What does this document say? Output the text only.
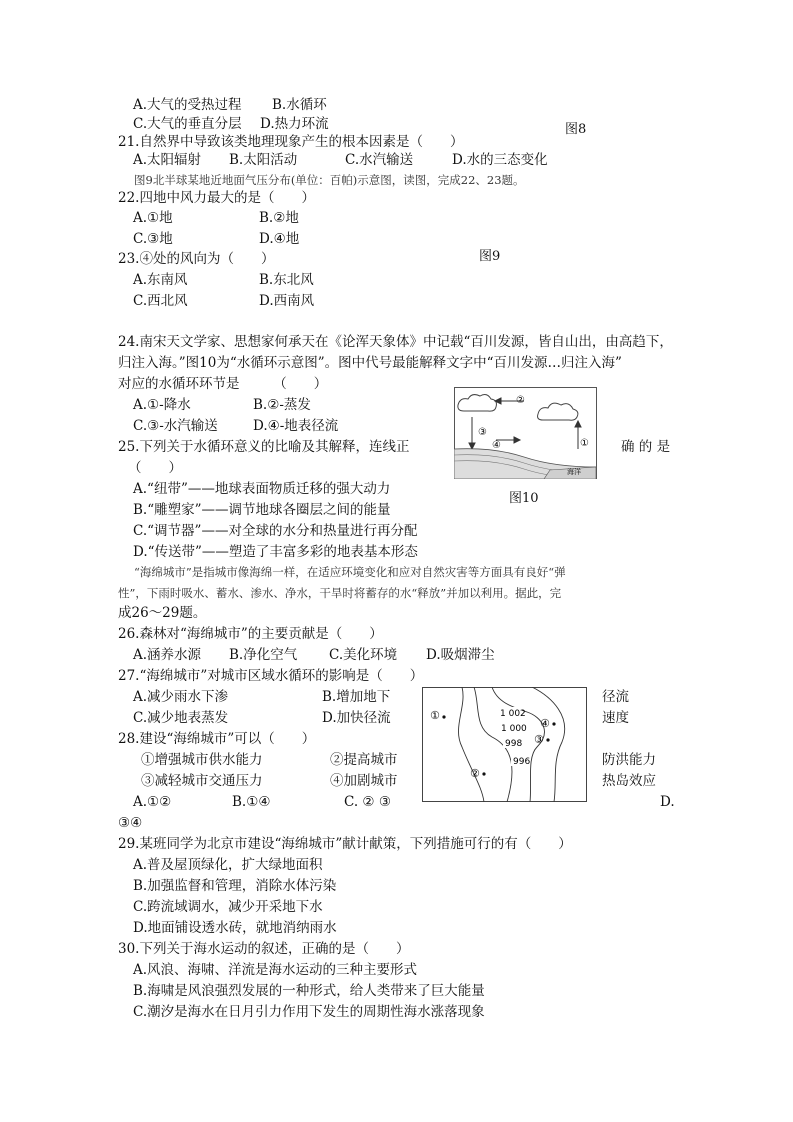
A.大气的受热过程 B.水循环
C.大气的垂直分层 D.热力环流	图8
21.自然界中导致该类地理现象产生的根本因素是（　　）
A.太阳辐射 B.太阳活动	C.水汽输送	D.水的三态变化
图9北半球某地近地面气压分布(单位：百帕)示意图，读图，完成22、23题。
22.四地中风力最大的是（　　）
A.①地	B.②地
C.③地	D.④地
图9
23.④处的风向为（　　）
A.东南风	B.东北风
C.西北风	D.西南风
24.南宋天文学家、思想家何承天在《论浑天象体》中记载“百川发源，皆自山出，由高趋下，
归注入海。”图10为“水循环示意图”。图中代号最能解释文字中“百川发源…归注入海”
对应的水循环环节是　　　（　　）
A.①-降水	B.②-蒸发
C.③-水汽输送	D.④-地表径流
②
③
④	①
海洋
25.下列关于水循环意义的比喻及其解释，连线正	确 的 是
（　　）
图10
A.“纽带”——地球表面物质迁移的强大动力
B.“雕塑家”——调节地球各圈层之间的能量
C.“调节器”——对全球的水分和热量进行再分配
D.“传送带”——塑造了丰富多彩的地表基本形态
“海绵城市”是指城市像海绵一样，在适应环境变化和应对自然灾害等方面具有良好“弹
性”，下雨时吸水、蓄水、渗水、净水，干旱时将蓄存的水“释放”并加以利用。据此，完
成26～29题。
26.森林对“海绵城市”的主要贡献是（　　）
A.涵养水源 B.净化空气 C.美化环境 D.吸烟滞尘
27.“海绵城市”对城市区域水循环的影响是（　　）
A.减少雨水下渗	B.增加地下	径流
C.减少地表蒸发	D.加快径流	速度
1 002
1 000
998
996
①
②
③
④
28.建设“海绵城市”可以（　　）
①增强城市供水能力	②提高城市	防洪能力
③减轻城市交通压力	④加剧城市	热岛效应
A.①②	B.①④	C. ② ③	D.
③④
29.某班同学为北京市建设“海绵城市”献计献策，下列措施可行的有（　　）
A.普及屋顶绿化，扩大绿地面积
B.加强监督和管理，消除水体污染
C.跨流域调水，减少开采地下水
D.地面铺设透水砖，就地消纳雨水
30.下列关于海水运动的叙述，正确的是（　　）
A.风浪、海啸、洋流是海水运动的三种主要形式
B.海啸是风浪强烈发展的一种形式，给人类带来了巨大能量
C.潮汐是海水在日月引力作用下发生的周期性海水涨落现象
